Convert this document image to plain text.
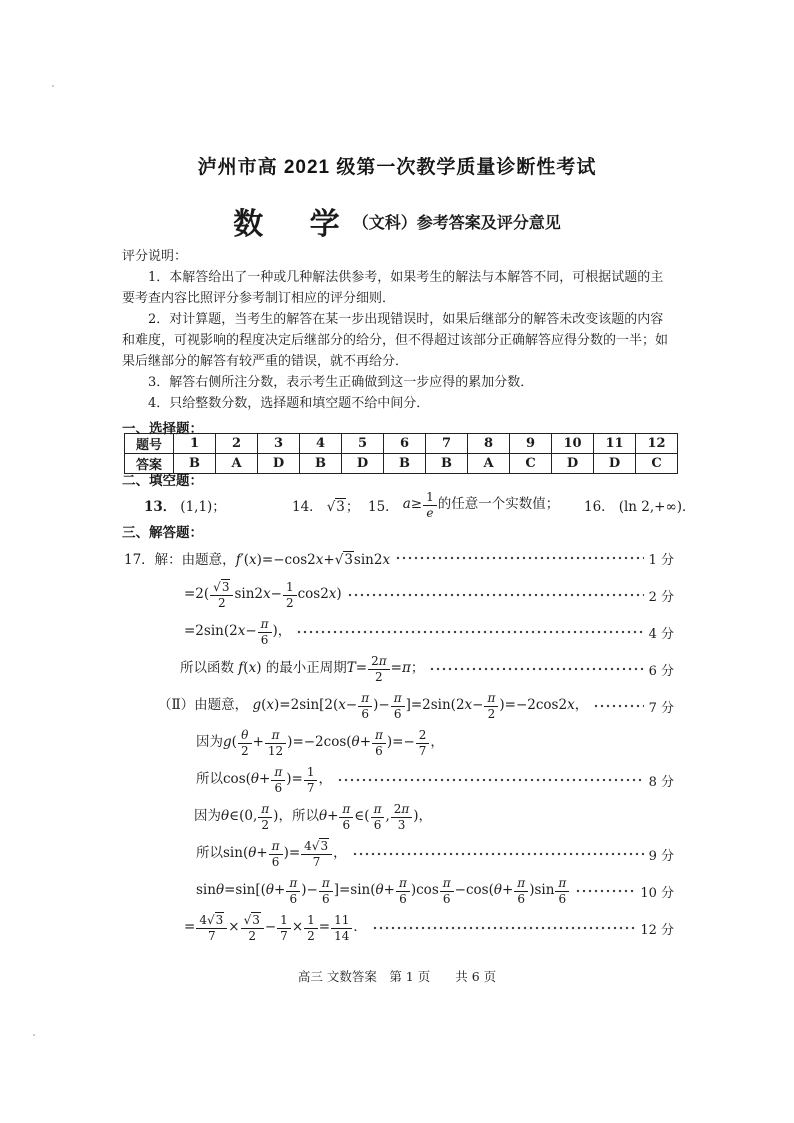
泸州市高 2021 级第一次教学质量诊断性考试
数　 学 （文科）参考答案及评分意见
评分说明：

1．本解答给出了一种或几种解法供参考，如果考生的解法与本解答不同，可根据试题的主要考查内容比照评分参考制订相应的评分细则．

2．对计算题，当考生的解答在某一步出现错误时，如果后继部分的解答未改变该题的内容和难度，可视影响的程度决定后继部分的给分，但不得超过该部分正确解答应得分数的一半；如果后继部分的解答有较严重的错误，就不再给分．

3．解答右侧所注分数，表示考生正确做到这一步应得的累加分数．

4．只给整数分数，选择题和填空题不给中间分．

一、选择题：
题号	1	2	3	4	5	6	7	8	9	10	11	12
答案	B	A	D	B	D	B	B	A	C	D	D	C
二、填空题：
13． (1,1)；	14． √3； 15． $a\ge \frac{1}{e}$ 的任意一个实数值； 16． (ln 2,+∞)．
三、解答题：
17．解：由题意，f′(x)=−cos2x+√3sin2x	1 分
$=2( \frac{√3}{2} \sin 2x- \frac{1}{2} \cos 2x)$	2 分
$=2\sin(2x- \frac{\pi}{6}$ )，	4 分
所以函数 f(x) 的最小正周期$T= \frac{2\pi}{2} =\pi$；	6 分
（Ⅱ）由题意， $g(x)=2\sin[2(x- \frac{\pi}{6}$ )− $\frac{\pi}{6} ]=2\sin(2x- \frac{\pi}{2} )=-2\cos 2x$，	7 分
因为$g( \frac{\theta}{2} + \frac{\pi}{12} )=-2\cos(\theta+ \frac{\pi}{6}$ )=− $\frac{2}{7}$ ，
所以$\cos(\theta+ \frac{\pi}{6}$ )= $\frac{1}{7}$ ，	8 分
因为θ∈(0, $\frac{\pi}{2}$ )，所以$\theta+ \frac{\pi}{6}$ ∈( $\frac{\pi}{6}$ , $\frac{2\pi}{3}$ )，
所以$\sin(\theta+ \frac{\pi}{6}$ )= $\frac{4√3}{7}$ ，	9 分
$\sin\theta=\sin[(\theta+ \frac{\pi}{6}$ )− $\frac{\pi}{6} ]=\sin(\theta+ \frac{\pi}{6} )\cos \frac{\pi}{6} -\cos(\theta+ \frac{\pi}{6} )\sin \frac{\pi}{6}$	10 分
= $\frac{4√3}{7} \times \frac{√3}{2} - \frac{1}{7} \times \frac{1}{2} = \frac{11}{14}$ ．	12 分
高三 文数答案　第 1 页　　共 6 页
